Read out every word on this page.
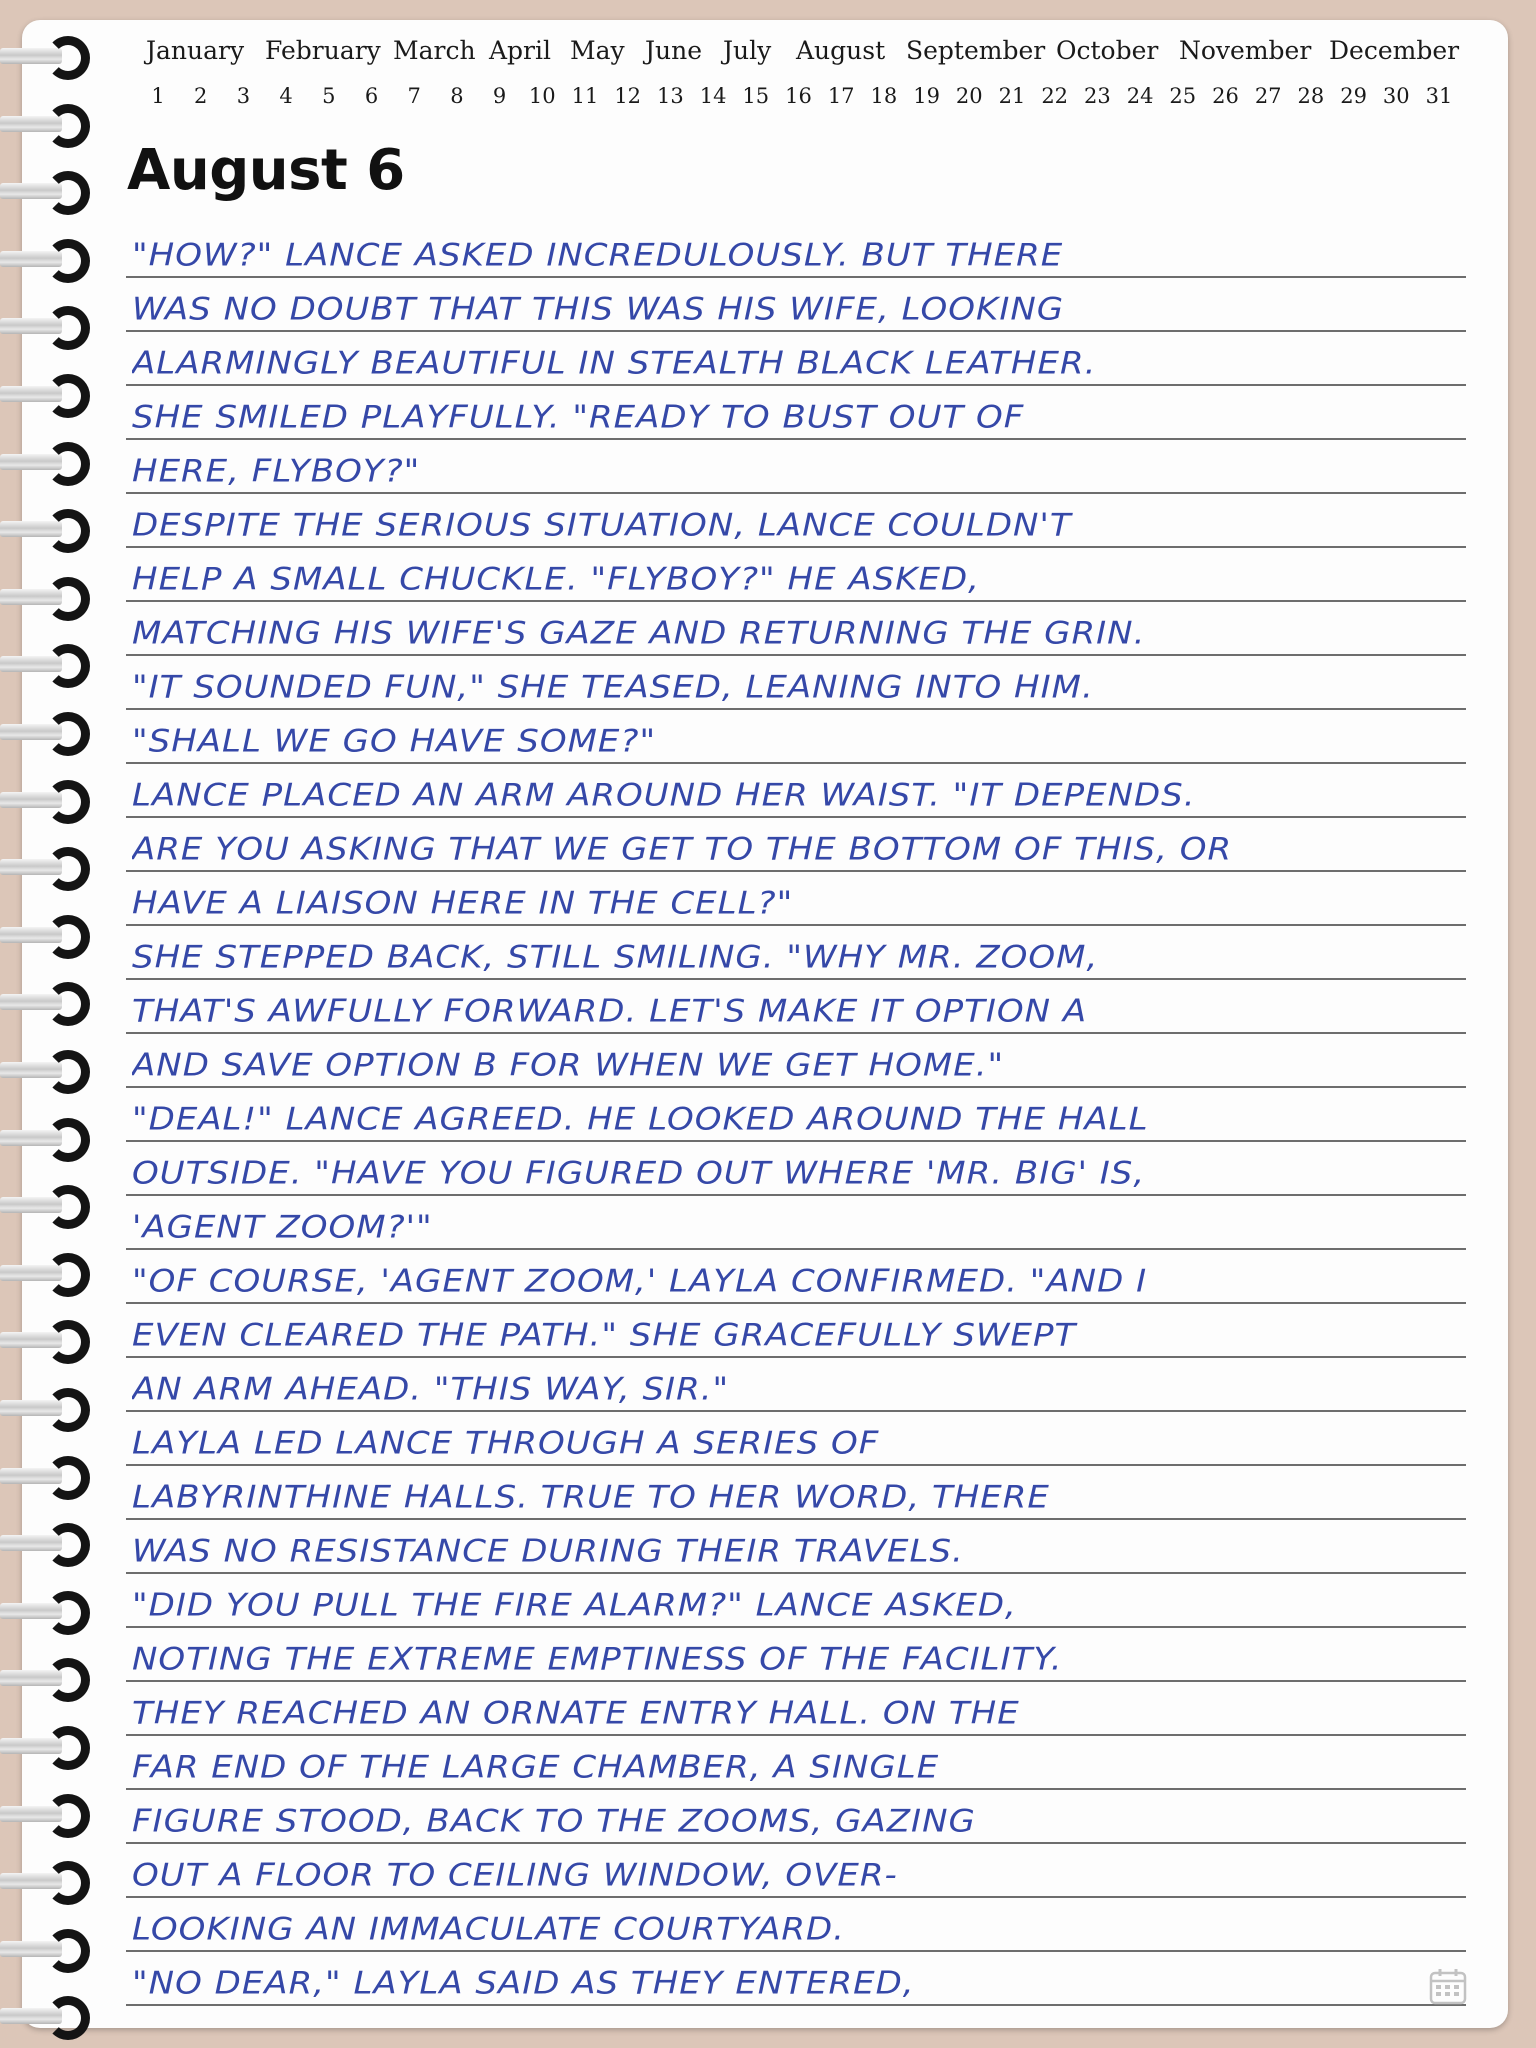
January February March April May June July August September October November December
1	2	3	4	5	6	7	8	9	10 11 12 13 14 15 16 17 18 19 20 21 22 23 24 25 26 27 28 29 30 31
August 6
"HOW?" LANCE ASKED INCREDULOUSLY. BUT THERE
WAS NO DOUBT THAT THIS WAS HIS WIFE, LOOKING
ALARMINGLY BEAUTIFUL IN STEALTH BLACK LEATHER.
SHE SMILED PLAYFULLY. "READY TO BUST OUT OF
HERE, FLYBOY?"
DESPITE THE SERIOUS SITUATION, LANCE COULDN'T
HELP A SMALL CHUCKLE. "FLYBOY?" HE ASKED,
MATCHING HIS WIFE'S GAZE AND RETURNING THE GRIN.
"IT SOUNDED FUN," SHE TEASED, LEANING INTO HIM.
"SHALL WE GO HAVE SOME?"
LANCE PLACED AN ARM AROUND HER WAIST. "IT DEPENDS.
ARE YOU ASKING THAT WE GET TO THE BOTTOM OF THIS, OR
HAVE A LIAISON HERE IN THE CELL?"
SHE STEPPED BACK, STILL SMILING. "WHY MR. ZOOM,
THAT'S AWFULLY FORWARD. LET'S MAKE IT OPTION A
AND SAVE OPTION B FOR WHEN WE GET HOME."
"DEAL!" LANCE AGREED. HE LOOKED AROUND THE HALL
OUTSIDE. "HAVE YOU FIGURED OUT WHERE 'MR. BIG' IS,
'AGENT ZOOM?'"
"OF COURSE, 'AGENT ZOOM,' LAYLA CONFIRMED. "AND I
EVEN CLEARED THE PATH." SHE GRACEFULLY SWEPT
AN ARM AHEAD. "THIS WAY, SIR."
LAYLA LED LANCE THROUGH A SERIES OF
LABYRINTHINE HALLS. TRUE TO HER WORD, THERE
WAS NO RESISTANCE DURING THEIR TRAVELS.
"DID YOU PULL THE FIRE ALARM?" LANCE ASKED,
NOTING THE EXTREME EMPTINESS OF THE FACILITY.
THEY REACHED AN ORNATE ENTRY HALL. ON THE
FAR END OF THE LARGE CHAMBER, A SINGLE
FIGURE STOOD, BACK TO THE ZOOMS, GAZING
OUT A FLOOR TO CEILING WINDOW, OVER-
LOOKING AN IMMACULATE COURTYARD.
"NO DEAR," LAYLA SAID AS THEY ENTERED,
